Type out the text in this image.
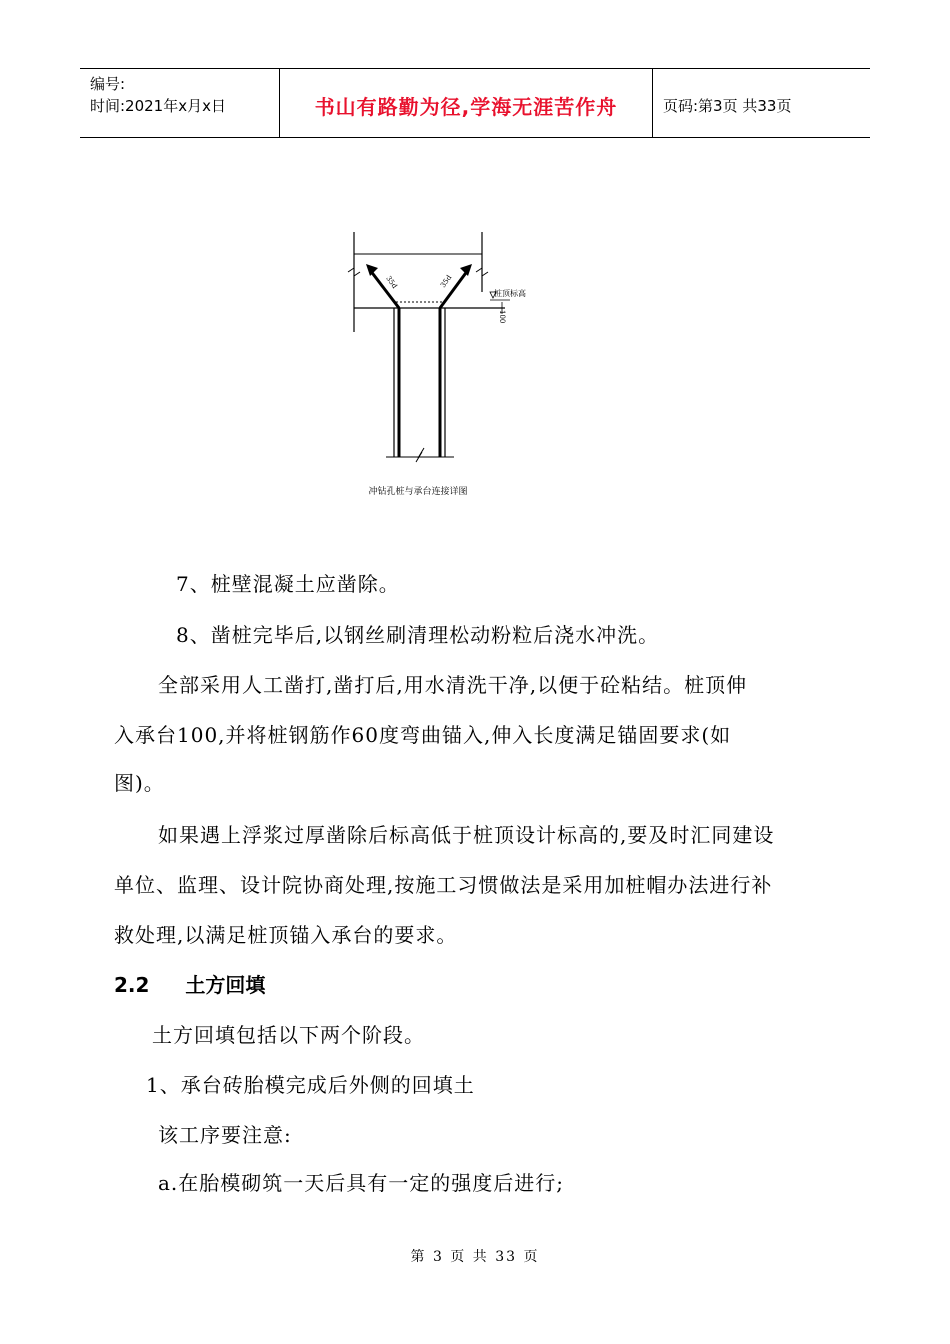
编号:
时间:2021年x月x日	书山有路勤为径,学海无涯苦作舟	页码:第3页 共33页
桩顶标高
100
35d	35d
冲钻孔桩与承台连接详图
7、桩壁混凝土应凿除。
8、凿桩完毕后,以钢丝刷清理松动粉粒后浇水冲洗。
全部采用人工凿打,凿打后,用水清洗干净,以便于砼粘结。桩顶伸
入承台100,并将桩钢筋作60度弯曲锚入,伸入长度满足锚固要求(如
图)。
如果遇上浮浆过厚凿除后标高低于桩顶设计标高的,要及时汇同建设
单位、监理、设计院协商处理,按施工习惯做法是采用加桩帽办法进行补
救处理,以满足桩顶锚入承台的要求。
2.2 土方回填
土方回填包括以下两个阶段。
1、承台砖胎模完成后外侧的回填土
该工序要注意:
a.在胎模砌筑一天后具有一定的强度后进行;
第 3 页 共 33 页
